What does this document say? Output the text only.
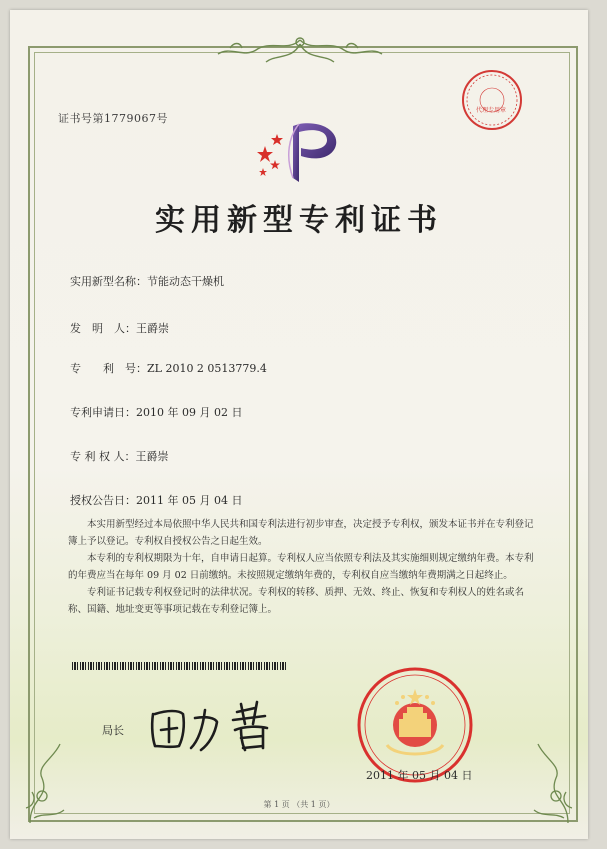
证书号第1779067号
代理专用章
实用新型专利证书
实用新型名称：节能动态干燥机
发　明　人：王爵崇
专　　利　号：ZL 2010 2 0513779.4
专利申请日：2010 年 09 月 02 日
专 利 权 人：王爵崇
授权公告日：2011 年 05 月 04 日

本实用新型经过本局依照中华人民共和国专利法进行初步审查，决定授予专利权，颁发本证书并在专利登记簿上予以登记。专利权自授权公告之日起生效。

本专利的专利权期限为十年，自申请日起算。专利权人应当依照专利法及其实施细则规定缴纳年费。本专利的年费应当在每年 09 月 02 日前缴纳。未按照规定缴纳年费的，专利权自应当缴纳年费期满之日起终止。

专利证书记载专利权登记时的法律状况。专利权的转移、质押、无效、终止、恢复和专利权人的姓名或名称、国籍、地址变更等事项记载在专利登记簿上。

局长
2011 年 05 月 04 日
第 1 页 （共 1 页）
